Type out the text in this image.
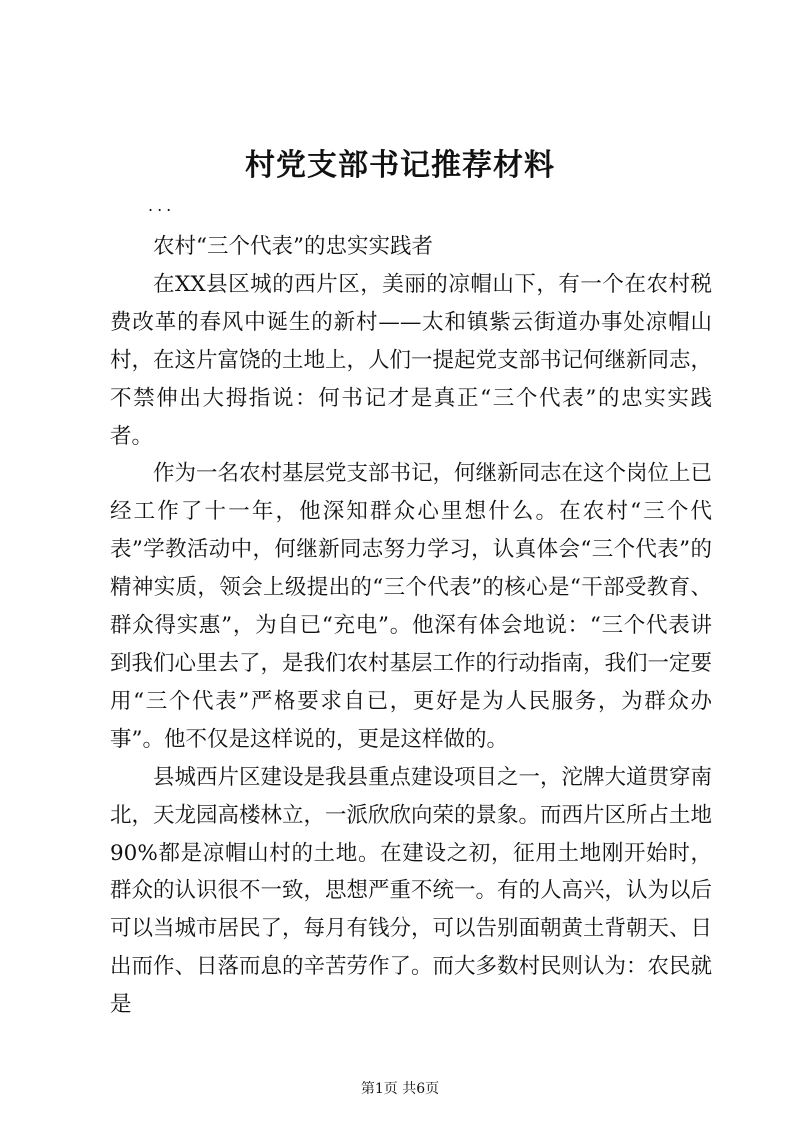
村党支部书记推荐材料
...

农村“三个代表”的忠实实践者

在XX县区城的西片区，美丽的凉帽山下，有一个在农村税费改革的春风中诞生的新村——太和镇紫云街道办事处凉帽山村，在这片富饶的土地上，人们一提起党支部书记何继新同志，不禁伸出大拇指说：何书记才是真正“三个代表”的忠实实践者。

作为一名农村基层党支部书记，何继新同志在这个岗位上已经工作了十一年，他深知群众心里想什么。在农村“三个代表”学教活动中，何继新同志努力学习，认真体会“三个代表”的精神实质，领会上级提出的“三个代表”的核心是“干部受教育、群众得实惠”，为自已“充电”。他深有体会地说：“三个代表讲到我们心里去了，是我们农村基层工作的行动指南，我们一定要用“三个代表”严格要求自已，更好是为人民服务，为群众办事”。他不仅是这样说的，更是这样做的。

县城西片区建设是我县重点建设项目之一，沱牌大道贯穿南北，天龙园高楼林立，一派欣欣向荣的景象。而西片区所占土地90%都是凉帽山村的土地。在建设之初，征用土地刚开始时，群众的认识很不一致，思想严重不统一。有的人高兴，认为以后可以当城市居民了，每月有钱分，可以告别面朝黄土背朝天、日出而作、日落而息的辛苦劳作了。而大多数村民则认为：农民就是

第1页 共6页
